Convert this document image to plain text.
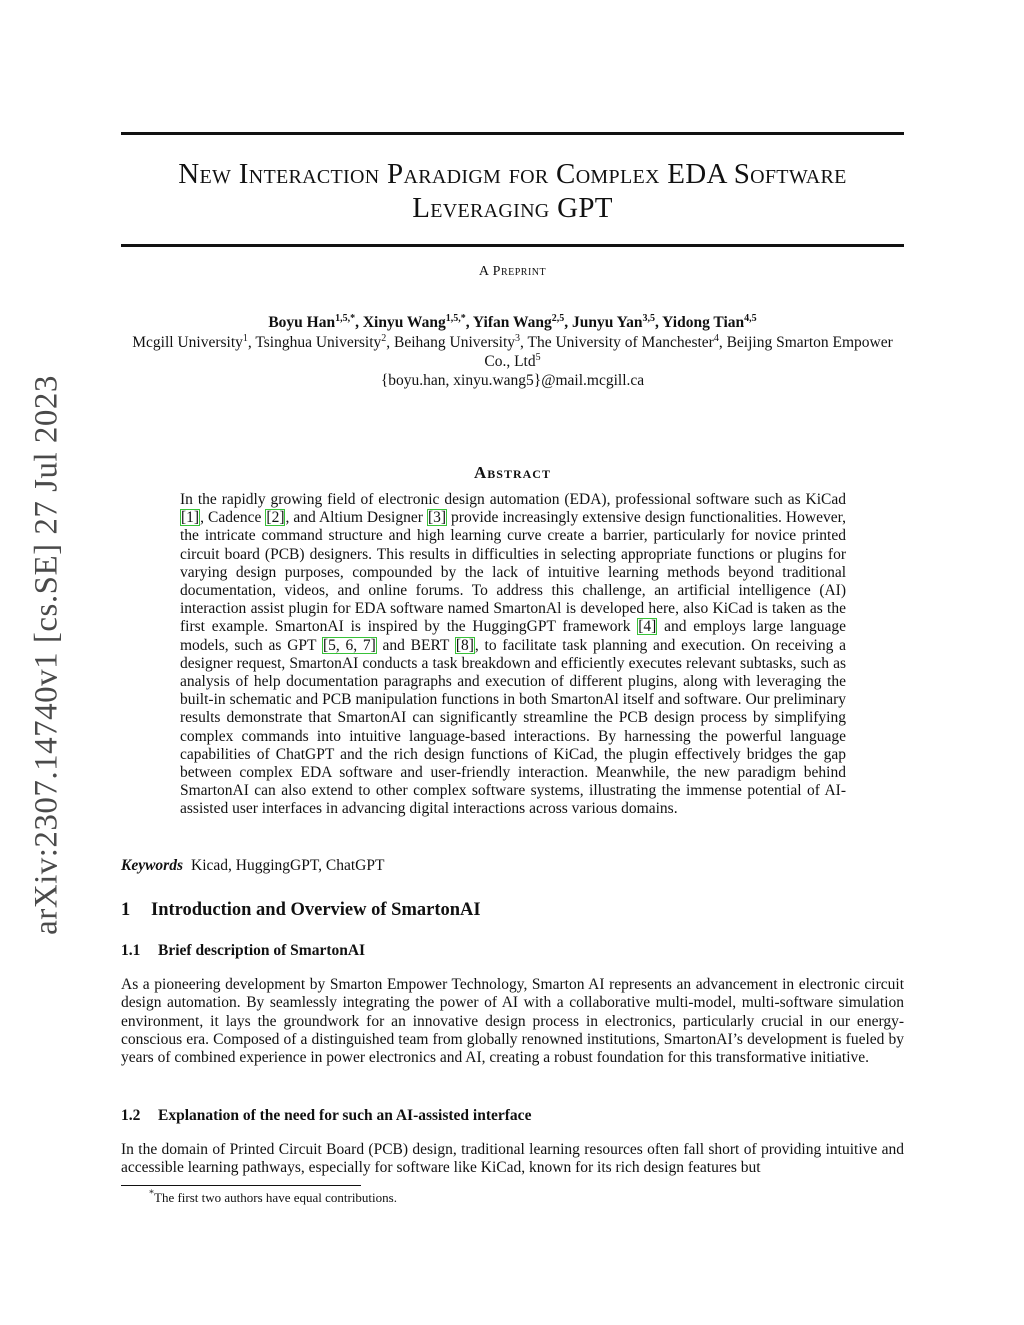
arXiv:2307.14740v1 [cs.SE] 27 Jul 2023
New Interaction Paradigm for Complex EDA Software
Leveraging GPT
A Preprint
Boyu Han$^{1,5,*}$, Xinyu Wang$^{1,5,*}$, Yifan Wang$^{2,5}$, Junyu Yan$^{3,5}$, Yidong Tian$^{4,5}$
Mcgill University$^1$, Tsinghua University$^2$, Beihang University$^3$, The University of Manchester$^4$, Beijing Smarton Empower Co., Ltd$^5$
{boyu.han, xinyu.wang5}@mail.mcgill.ca
Abstract
In the rapidly growing field of electronic design automation (EDA), professional software such as KiCad [1], Cadence [2], and Altium Designer [3] provide increasingly extensive design functionalities. However, the intricate command structure and high learning curve create a barrier, particularly for novice printed circuit board (PCB) designers. This results in difficulties in selecting appropriate functions or plugins for varying design purposes, compounded by the lack of intuitive learning methods beyond traditional documentation, videos, and online forums. To address this challenge, an artificial intelligence (AI) interaction assist plugin for EDA software named SmartonAl is developed here, also KiCad is taken as the first example. SmartonAI is inspired by the HuggingGPT framework [4] and employs large language models, such as GPT [5, 6, 7] and BERT [8], to facilitate task planning and execution. On receiving a designer request, SmartonAI conducts a task breakdown and efficiently executes relevant subtasks, such as analysis of help documentation paragraphs and execution of different plugins, along with leveraging the built-in schematic and PCB manipulation functions in both SmartonAl itself and software. Our preliminary results demonstrate that SmartonAI can significantly streamline the PCB design process by simplifying complex commands into intuitive language-based interactions. By harnessing the powerful language capabilities of ChatGPT and the rich design functions of KiCad, the plugin effectively bridges the gap between complex EDA software and user-friendly interaction. Meanwhile, the new paradigm behind SmartonAI can also extend to other complex software systems, illustrating the immense potential of AI-assisted user interfaces in advancing digital interactions across various domains.
Keywords Kicad, HuggingGPT, ChatGPT
1 Introduction and Overview of SmartonAI
1.1 Brief description of SmartonAI
As a pioneering development by Smarton Empower Technology, Smarton AI represents an advancement in electronic circuit design automation. By seamlessly integrating the power of AI with a collaborative multi-model, multi-software simulation environment, it lays the groundwork for an innovative design process in electronics, particularly crucial in our energy-conscious era. Composed of a distinguished team from globally renowned institutions, SmartonAI’s development is fueled by years of combined experience in power electronics and AI, creating a robust foundation for this transformative initiative.
1.2 Explanation of the need for such an AI-assisted interface
In the domain of Printed Circuit Board (PCB) design, traditional learning resources often fall short of providing intuitive and accessible learning pathways, especially for software like KiCad, known for its rich design features but
*The first two authors have equal contributions.
